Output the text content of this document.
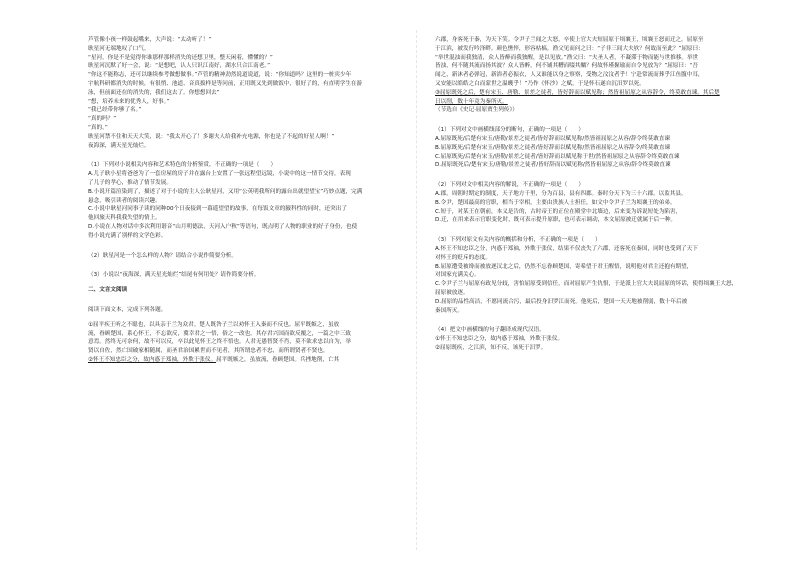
芦管像小孩一样鼓起嘴来，大声说：“太动听了！”
耿星河无端地叹了口气。
“星河，你是不是觉得你谁那样那样消失的还想卫里，整天闲着，懂懂的？”
耿星河沉默了好一会，说：“是想吧，认人只识江南好，湖水只合江南老。”
“你这不能称志，还可以继续参考做想做事。”芦管的精神劲然说道说道，说：“你知道吗？这里的一桩宾少年
宇航科研都消失的时候，有很悄、池道、音真拔样是等问前，正用既又先到做饭中，很好了的，有直明学生在游
泳，但前面还在的消失的，我们这去了。你想想回去”
“想，培养未来的优秀人，好事。”
“我已经带你够了名。”
“真的吗？”
“真的。”
耿星河禁不住和天天大笑，说：“我太开心了！多谢夫人给我补充电源，你也是了不起的好星人啊！”
夜海深，满天星光灿烂。
（1）下列对小说相关内容和艺术特色的分析鉴赏，不正确的一项是（　　）
A.儿子耿小星将爸爸为了一套房屋的房子并在露台上安置了一张远程望远镜，小说中的这一情节交待，表现
了儿子的孝心，推动了情节发展。
B.小说开篇渲染到了，描述了对于小说的主人公耿星河，又用“公英明我所问的露台出就望望宝”巧妙点题，完满
悬念，吸引读者的阅读兴趣。
C.小说中耿星河同事子读的同种00个日夜接到一幕遥望望的故事，在每饭文章的腋科性的同时，还突出了
他回旅天科我我失望的情上。
D.小说在人物对话中多次利用谐音“山月明德法，天河入户秋”等语句，既点明了人物的职业的好子身份，也使
得小说充满了别样的文学色彩。
（2）耿星河是一个怎么样的人物？请结合小说作简要分析。
（3）小说以“夜海深，满天星光灿烂”结尾有何用处？请作简要分析。
二、文言文阅读
阅读下面文本，完成下列各题。
①屈平疾王听之不聪也，以具亲于兰为众君。楚人既咎子兰以劝怀王入秦而不反也。屈平既嫉之，虽放
流，眷顾楚国，系心怀王，不忘欲反，冀幸君之一悟，俗之一改也。其存君兴国而欲反覆之，一篇之中三致
意焉。然终无可奈何，故不可以反，卒以此见怀王之终不悟也。人君无愚智贤不肖，莫不欲求忠以自为，举
贤以自佐，然亡国破家相随属，而圣君治国累世而不见者，其所谓忠者不忠，而所谓贤者不贤也。
②怀王不知忠臣之分，故内惑于郑袖，外欺于张仪。屈平既嫉之，虽放流，眷顾楚国。兵挫地削，亡其
六郡，身客死于秦，为天下笑。令尹子兰闻之大怒，卒使上官大夫短屈原于顷襄王，顷襄王怒而迁之。屈原至
于江滨，被发行吟泽畔。颜色憔悴，形容枯槁。渔父见而问之曰：“子非三闾大夫欤？何故而至此？”屈原曰：
“举世混浊而我独清，众人皆醉而我独醒，是以见放。”渔父曰：“夫圣人者，不凝滞于物而能与世推移。举世
皆浊，何不随其流而扬其波？众人皆醉，何不铺其糟而啜其醨？何故怀瑾握瑜而自令见放为？”屈原曰：“吾
闻之，新沐者必弹冠，新浴者必振衣，人又谁能以身之察察，受物之汶汶者乎！宁赴常流而葬乎江鱼腹中耳，
又安能以皓皓之白而蒙世之温蠖乎！”乃作《怀沙》之赋。于是怀石遂自沉汨罗以死。
③屈原既死之后，楚有宋玉、唐勒、景差之徒者，皆好辞而以赋见称；然皆祖屈原之从容辞令，终莫敢直谏。其后楚
日以削，数十年竟为秦所灭。
（节选自《史记·屈原贾生列传》）
（1）下列对文中画横线部分的断句，正确的一项是（　　）
A.屈原既死/后楚有宋玉/唐勒/景差之徒者/皆好辞而以赋见称/然皆祖屈原之从容/辞令终莫敢直谏
B.屈原既死/后楚有宋玉/唐勒/景差之徒者/皆好辞而以赋见称/然皆祖屈原之从容辞令/终莫敢直谏
C.屈原既死/后楚有宋玉/唐勒/景差之徒者/皆好辞而以赋见称于世/然皆祖屈原之从容辞令终莫敢直谏
D.屈原既死后/楚有宋玉/唐勒/景差之徒者/皆好辞而以赋见称/然皆祖屈原之从容/辞令终莫敢直谏
（2）下列对文中相关内容的解说，不正确的一项是（　　）
A.郡，周朝时期定的制度，天子地方千里，分为百县，县有四郡。秦时分天下为三十六郡，以监其县。
B.令尹，楚国最高的官职，相当于宰相，主要由贵族人士担任，如文中令尹子兰为顷襄王的弟弟。
C.短于，对某王在朝前，本义是告的，古时帝王的正位在殿堂中北墙边，后来变为诉说短处为陷害，
D.迁，在用来表示官职变化时，既可表示提升原职，也可表示调动，本文屈原被迁就属于后一种。
（3）下列对原文有关内容的概括和分析，不正确的一项是（　　）
A.怀王不知忠臣之分，内惑于郑袖，外欺于张仪，结果不仅丧失了六郡，还客死在秦国，同时也受到了天下
对怀王的贬斥的态度。
B.屈原遭受被谗而被放逐汉北之后，仍然不忘眷顾楚国，寄希望于君王醒悟，说明他对君主还抱有期望，
对国家充满关心。
C.令尹子兰与屈原有政见分歧，害怕屈原受到信任，而对屈原产生仇恨，于是派上官大夫说屈原的坏话，使得顷襄王大怒，
屈原被放逐。
D.屈原的品性高洁，不愿同流合污，最后投身汨罗江而死。他死后，楚国一天天地被削弱，数十年后被
秦国所灭。
（4）把文中画横线的句子翻译成现代汉语。
①怀王不知忠臣之分，故内惑于郑袖，外欺于张仪。
②屈原既疾，之江滨，知不反，该死于汨罗。
